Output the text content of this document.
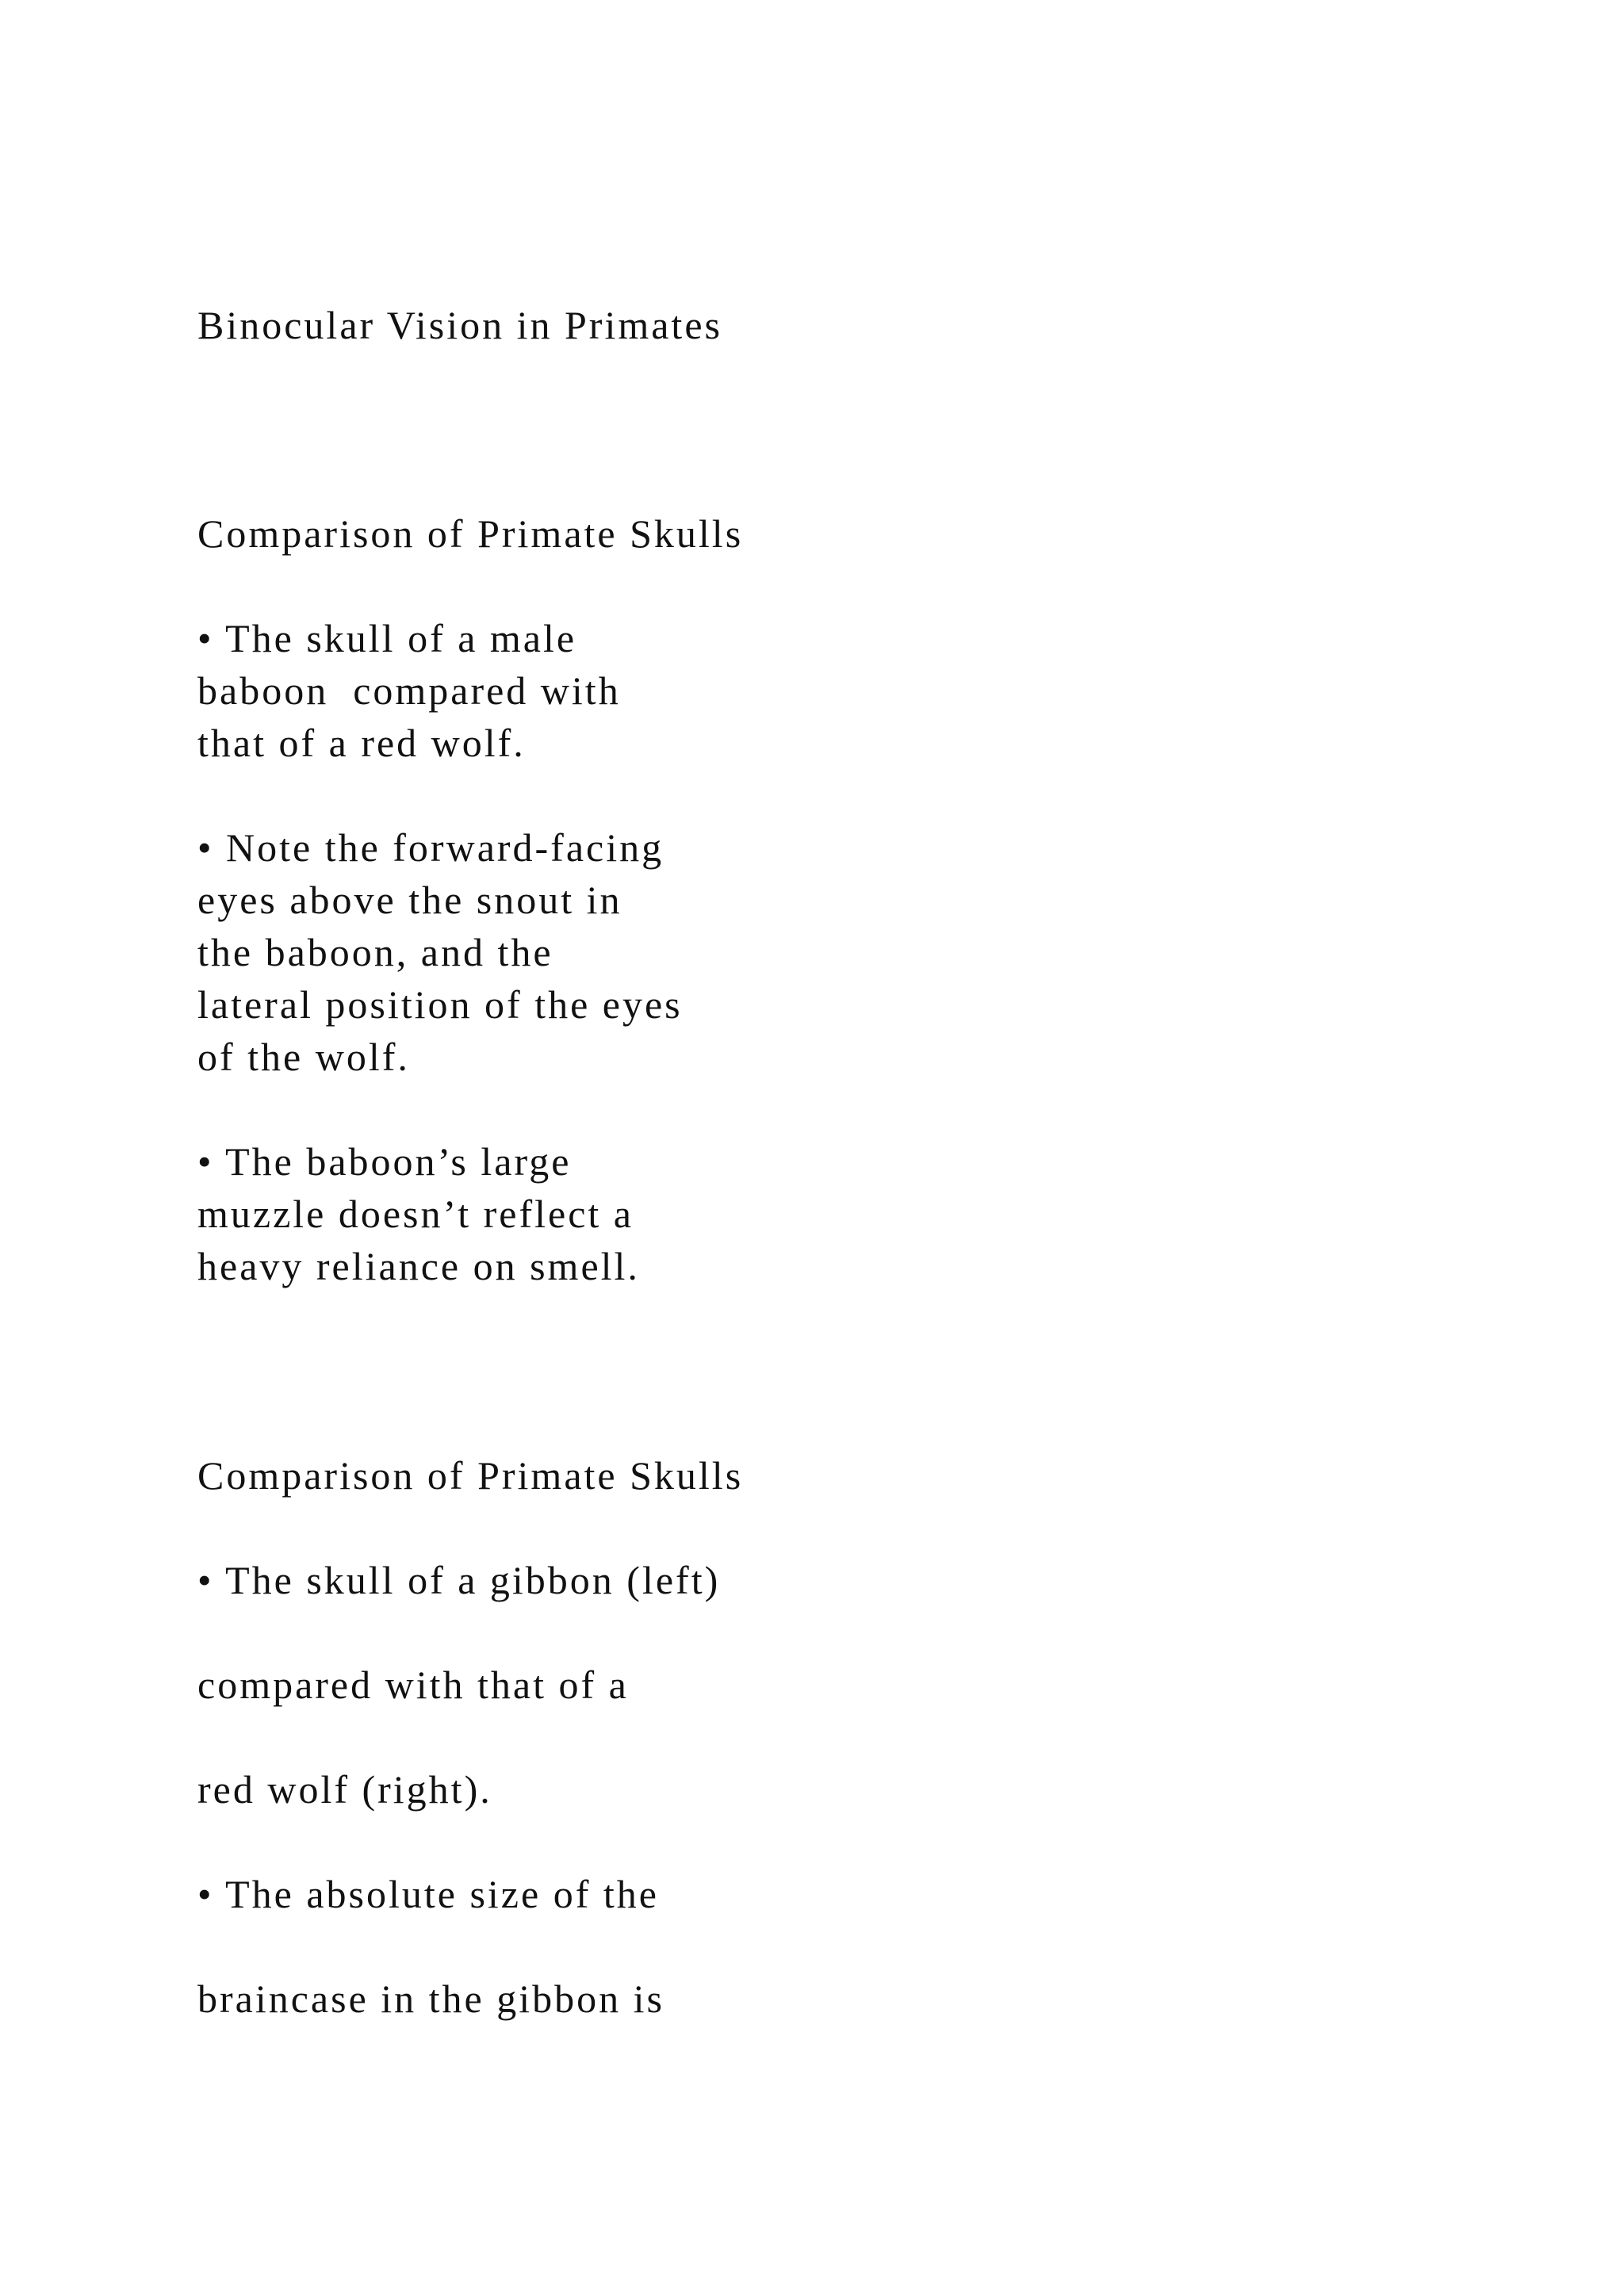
Binocular Vision in Primates
Comparison of Primate Skulls
• The skull of a male
baboon  compared with
that of a red wolf.
• Note the forward-facing
eyes above the snout in
the baboon, and the
lateral position of the eyes
of the wolf.
• The baboon’s large
muzzle doesn’t reflect a
heavy reliance on smell.
Comparison of Primate Skulls
• The skull of a gibbon (left)
compared with that of a
red wolf (right).
• The absolute size of the
braincase in the gibbon is
